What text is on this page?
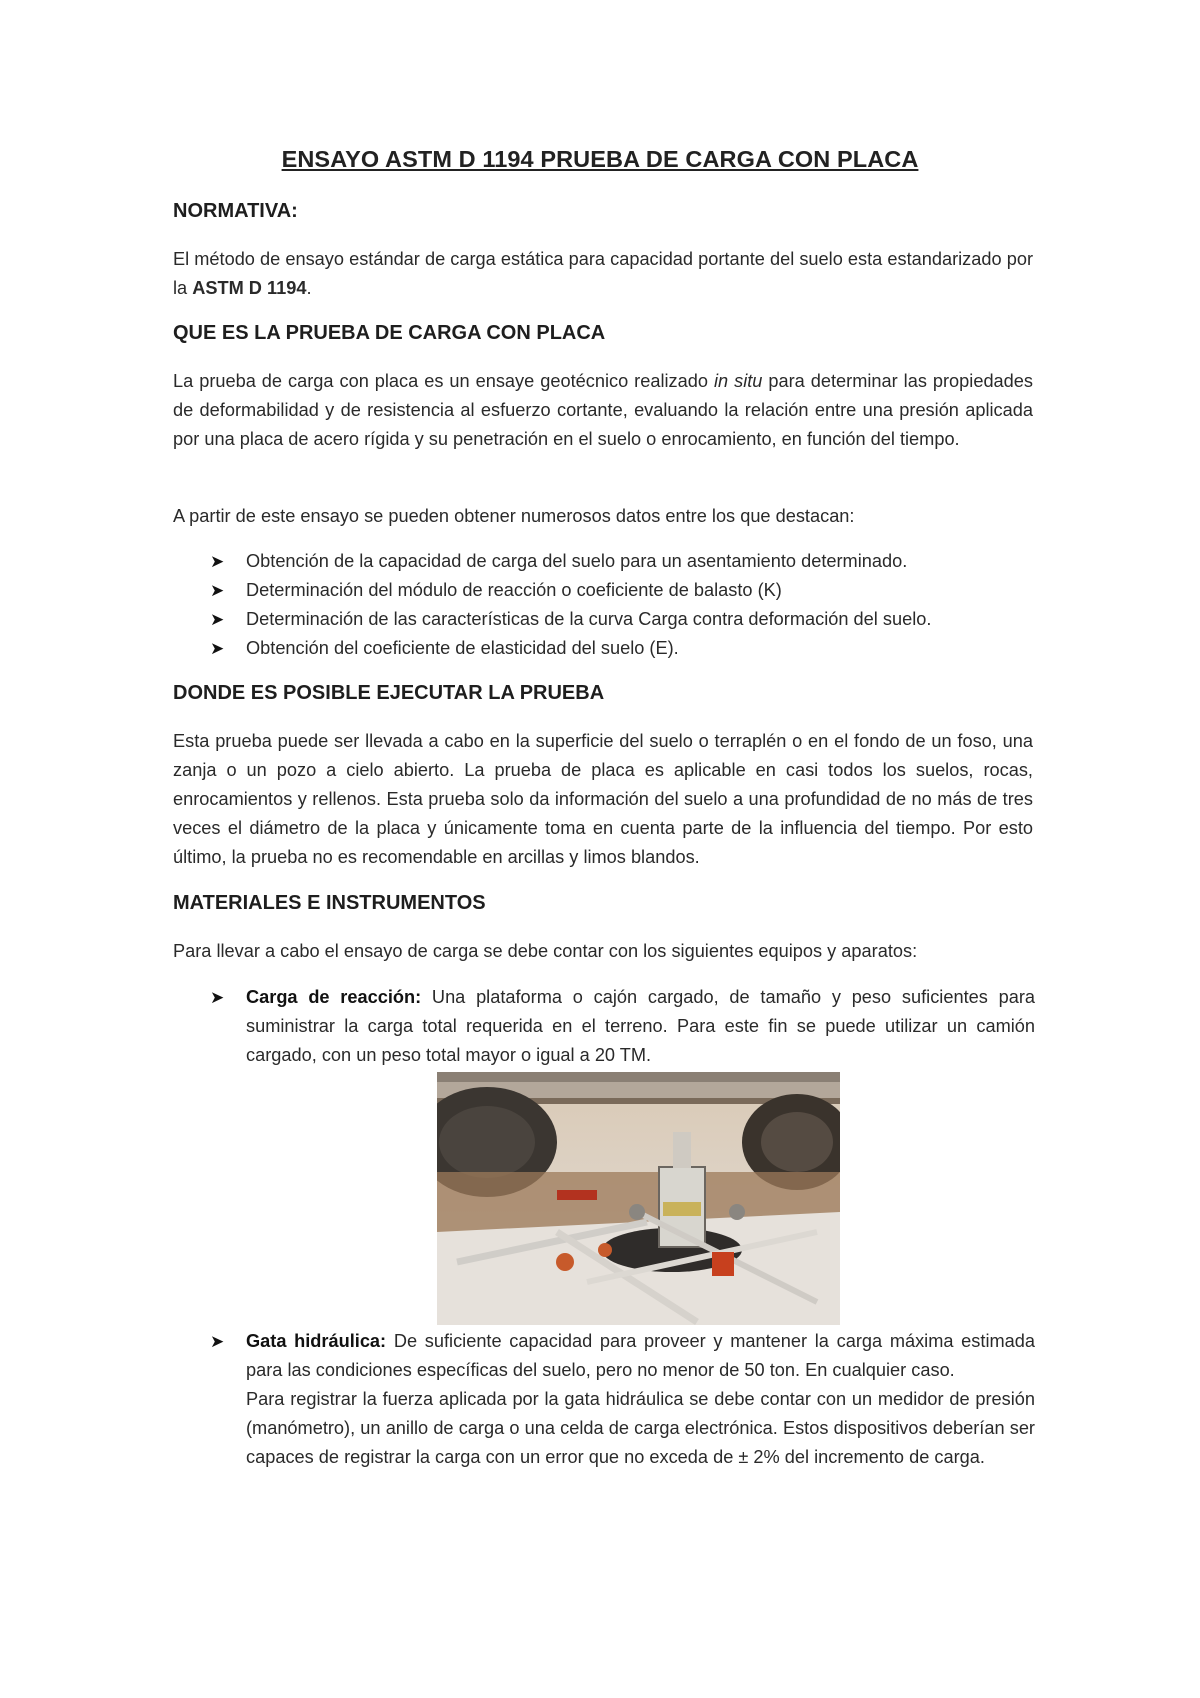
ENSAYO ASTM D 1194 PRUEBA DE CARGA CON PLACA
NORMATIVA:

El método de ensayo estándar de carga estática para capacidad portante del suelo esta estandarizado por la ASTM D 1194.

QUE ES LA PRUEBA DE CARGA CON PLACA

La prueba de carga con placa es un ensaye geotécnico realizado in situ para determinar las propiedades de deformabilidad y de resistencia al esfuerzo cortante, evaluando la relación entre una presión aplicada por una placa de acero rígida y su penetración en el suelo o enrocamiento, en función del tiempo.

A partir de este ensayo se pueden obtener numerosos datos entre los que destacan:

➤ Obtención de la capacidad de carga del suelo para un asentamiento determinado.
➤ Determinación del módulo de reacción o coeficiente de balasto (K)
➤ Determinación de las características de la curva Carga contra deformación del suelo.
➤ Obtención del coeficiente de elasticidad del suelo (E).
DONDE ES POSIBLE EJECUTAR LA PRUEBA

Esta prueba puede ser llevada a cabo en la superficie del suelo o terraplén o en el fondo de un foso, una zanja o un pozo a cielo abierto. La prueba de placa es aplicable en casi todos los suelos, rocas, enrocamientos y rellenos. Esta prueba solo da información del suelo a una profundidad de no más de tres veces el diámetro de la placa y únicamente toma en cuenta parte de la influencia del tiempo. Por esto último, la prueba no es recomendable en arcillas y limos blandos.

MATERIALES E INSTRUMENTOS

Para llevar a cabo el ensayo de carga se debe contar con los siguientes equipos y aparatos:

➤ Carga de reacción: Una plataforma o cajón cargado, de tamaño y peso suficientes para suministrar la carga total requerida en el terreno. Para este fin se puede utilizar un camión cargado, con un peso total mayor o igual a 20 TM.
➤ Gata hidráulica: De suficiente capacidad para proveer y mantener la carga máxima estimada para las condiciones específicas del suelo, pero no menor de 50 ton. En cualquier caso.
Para registrar la fuerza aplicada por la gata hidráulica se debe contar con un medidor de presión (manómetro), un anillo de carga o una celda de carga electrónica. Estos dispositivos deberían ser capaces de registrar la carga con un error que no exceda de ± 2% del incremento de carga.
